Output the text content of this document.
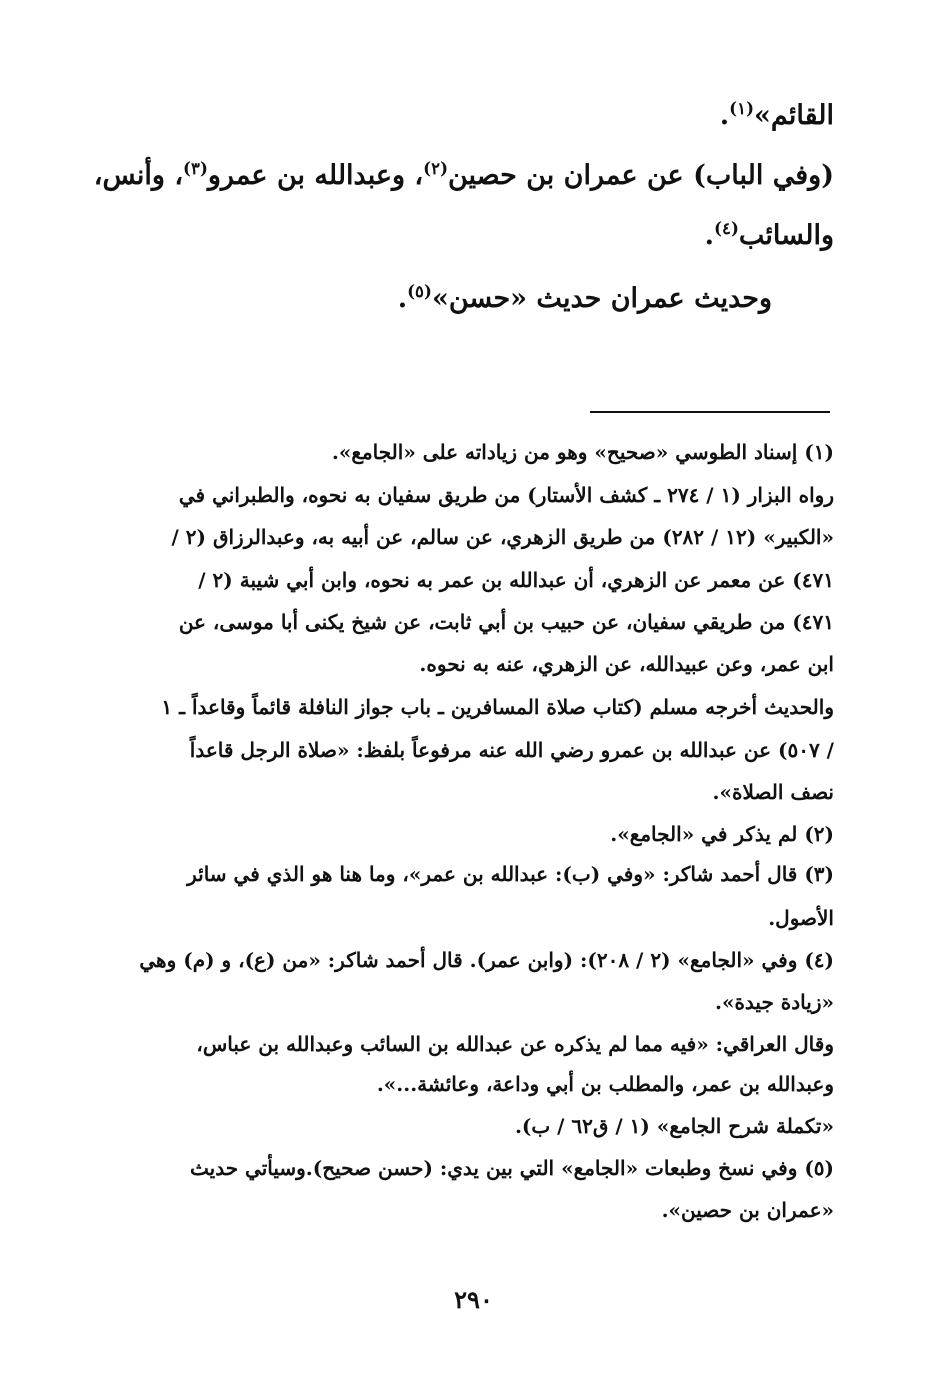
القائم»$^{(١)}$.
(وفي الباب) عن عمران بن حصين$^{(٢)}$، وعبدالله بن عمرو$^{(٣)}$، وأنس،
والسائب$^{(٤)}$.
وحديث عمران حديث «حسن»$^{(٥)}$.
(١) إسناد الطوسي «صحيح» وهو من زياداته على «الجامع».
رواه البزار (١ / ٢٧٤ ـ كشف الأستار) من طريق سفيان به نحوه، والطبراني في
«الكبير» (١٢ / ٢٨٢) من طريق الزهري، عن سالم، عن أبيه به، وعبدالرزاق (٢ /
٤٧١) عن معمر عن الزهري، أن عبدالله بن عمر به نحوه، وابن أبي شيبة (٢ /
٤٧١) من طريقي سفيان، عن حبيب بن أبي ثابت، عن شيخ يكنى أبا موسى، عن
ابن عمر، وعن عبيدالله، عن الزهري، عنه به نحوه.
والحديث أخرجه مسلم (كتاب صلاة المسافرين ـ باب جواز النافلة قائماً وقاعداً ـ ١
/ ٥٠٧) عن عبدالله بن عمرو رضي الله عنه مرفوعاً بلفظ: «صلاة الرجل قاعداً
نصف الصلاة».
(٢) لم يذكر في «الجامع».
(٣) قال أحمد شاكر: «وفي (ب): عبدالله بن عمر»، وما هنا هو الذي في سائر
الأصول.
(٤) وفي «الجامع» (٢ / ٢٠٨): (وابن عمر). قال أحمد شاكر: «من (ع)، و (م) وهي
«زيادة جيدة».
وقال العراقي: «فيه مما لم يذكره عن عبدالله بن السائب وعبدالله بن عباس،
وعبدالله بن عمر، والمطلب بن أبي وداعة، وعائشة...».
«تكملة شرح الجامع» (١ / ق٦٢ / ب).
(٥) وفي نسخ وطبعات «الجامع» التي بين يدي: (حسن صحيح).وسيأتي حديث
«عمران بن حصين».
٢٩٠
